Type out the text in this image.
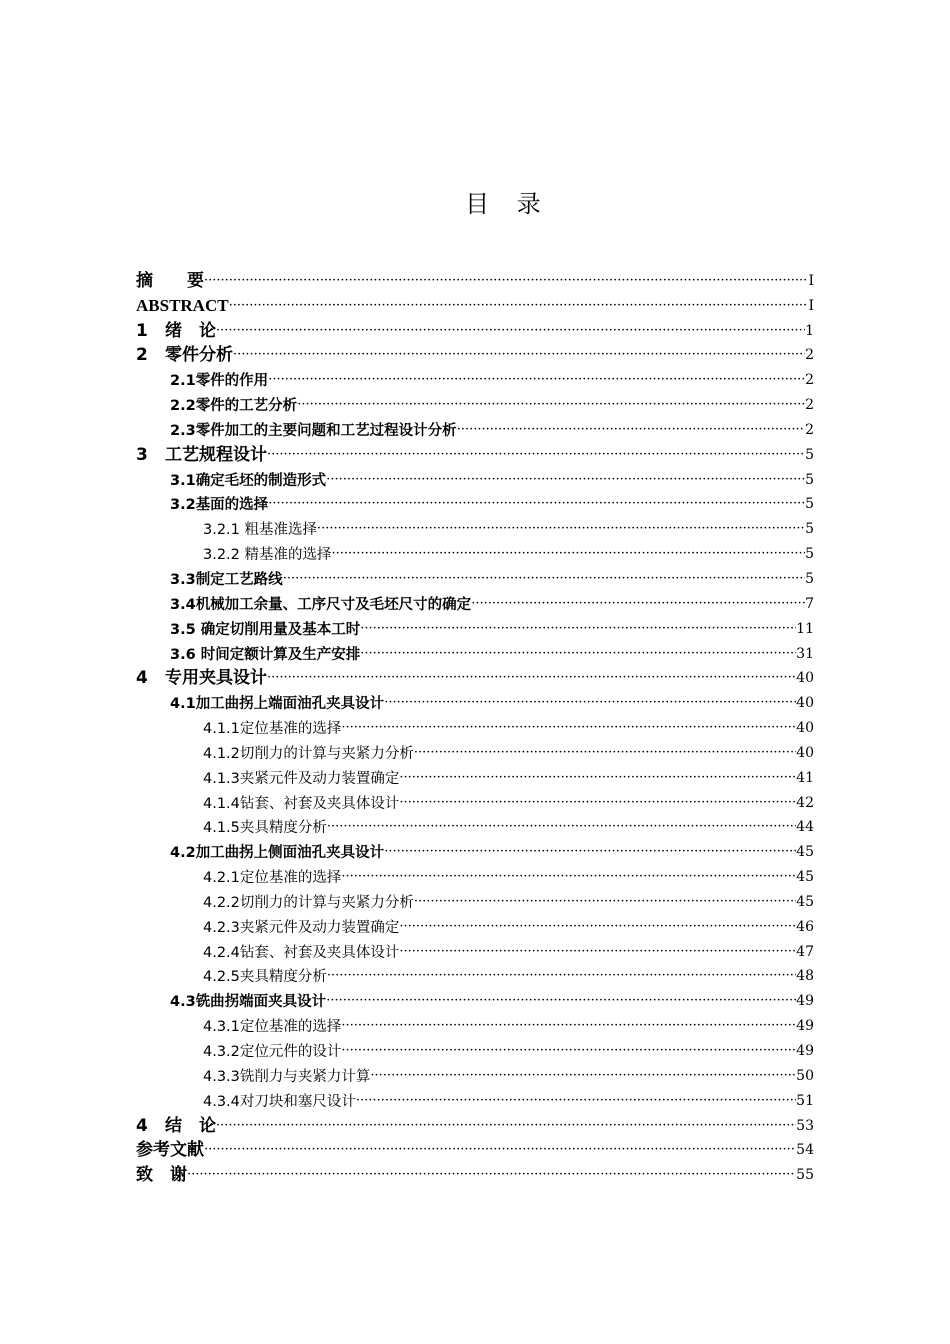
目 录
摘　　要 ·····	I
ABSTRACT ·····	I
1 绪　论 ·····	1
2 零件分析 ·····	2
2.1零件的作用 ·····	2
2.2零件的工艺分析 ·····	2
2.3零件加工的主要问题和工艺过程设计分析 ·····	2
3 工艺规程设计 ·····	5
3.1确定毛坯的制造形式 ·····	5
3.2基面的选择 ·····	5
3.2.1 粗基准选择 ·····	5
3.2.2 精基准的选择 ·····	5
3.3制定工艺路线 ·····	5
3.4机械加工余量、工序尺寸及毛坯尺寸的确定 ·····	7
3.5 确定切削用量及基本工时 ·····	11
3.6 时间定额计算及生产安排 ·····	31
4 专用夹具设计 ·····	40
4.1加工曲拐上端面油孔夹具设计 ·····	40
4.1.1定位基准的选择 ·····	40
4.1.2切削力的计算与夹紧力分析 ·····	40
4.1.3夹紧元件及动力装置确定 ·····	41
4.1.4钻套、衬套及夹具体设计 ·····	42
4.1.5夹具精度分析 ·····	44
4.2加工曲拐上侧面油孔夹具设计 ·····	45
4.2.1定位基准的选择 ·····	45
4.2.2切削力的计算与夹紧力分析 ·····	45
4.2.3夹紧元件及动力装置确定 ·····	46
4.2.4钻套、衬套及夹具体设计 ·····	47
4.2.5夹具精度分析 ·····	48
4.3铣曲拐端面夹具设计 ·····	49
4.3.1定位基准的选择 ·····	49
4.3.2定位元件的设计 ·····	49
4.3.3铣削力与夹紧力计算 ·····	50
4.3.4对刀块和塞尺设计 ·····	51
4 结　论 ·····	53
参考文献 ·····	54
致　谢 ·····	55
